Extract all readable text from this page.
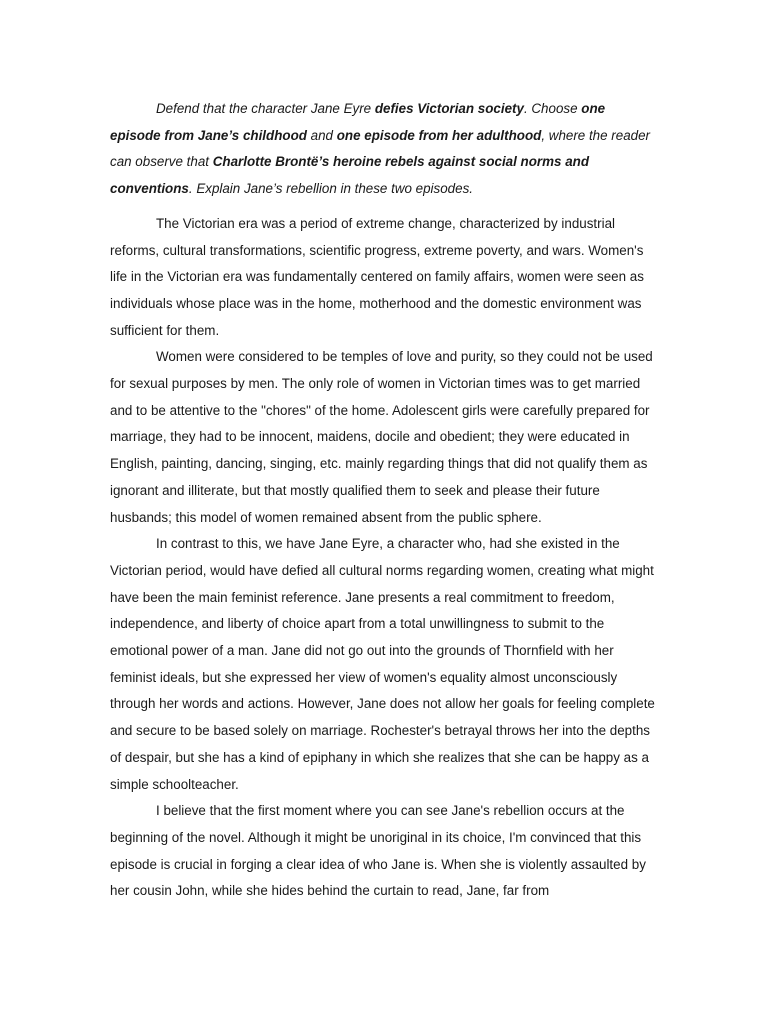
Defend that the character Jane Eyre defies Victorian society. Choose one episode from Jane’s childhood and one episode from her adulthood, where the reader can observe that Charlotte Brontë’s heroine rebels against social norms and conventions. Explain Jane’s rebellion in these two episodes.

The Victorian era was a period of extreme change, characterized by industrial reforms, cultural transformations, scientific progress, extreme poverty, and wars. Women's life in the Victorian era was fundamentally centered on family affairs, women were seen as individuals whose place was in the home, motherhood and the domestic environment was sufficient for them.

Women were considered to be temples of love and purity, so they could not be used for sexual purposes by men. The only role of women in Victorian times was to get married and to be attentive to the "chores" of the home. Adolescent girls were carefully prepared for marriage, they had to be innocent, maidens, docile and obedient; they were educated in English, painting, dancing, singing, etc. mainly regarding things that did not qualify them as ignorant and illiterate, but that mostly qualified them to seek and please their future husbands; this model of women remained absent from the public sphere.

In contrast to this, we have Jane Eyre, a character who, had she existed in the Victorian period, would have defied all cultural norms regarding women, creating what might have been the main feminist reference. Jane presents a real commitment to freedom, independence, and liberty of choice apart from a total unwillingness to submit to the emotional power of a man. Jane did not go out into the grounds of Thornfield with her feminist ideals, but she expressed her view of women's equality almost unconsciously through her words and actions. However, Jane does not allow her goals for feeling complete and secure to be based solely on marriage. Rochester's betrayal throws her into the depths of despair, but she has a kind of epiphany in which she realizes that she can be happy as a simple schoolteacher.

I believe that the first moment where you can see Jane's rebellion occurs at the beginning of the novel. Although it might be unoriginal in its choice, I'm convinced that this episode is crucial in forging a clear idea of who Jane is. When she is violently assaulted by her cousin John, while she hides behind the curtain to read, Jane, far from
